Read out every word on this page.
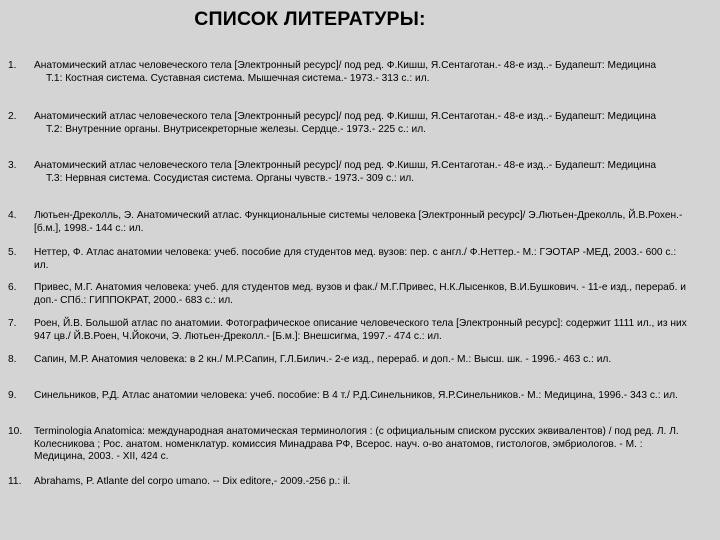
СПИСОК ЛИТЕРАТУРЫ:
1. Анатомический атлас человеческого тела [Электронный ресурс]/ под ред. Ф.Кишш, Я.Сентаготан.- 48-е изд..- Будапешт: Медицина
Т.1: Костная система. Суставная система. Мышечная система.- 1973.- 313 с.: ил.
2. Анатомический атлас человеческого тела [Электронный ресурс]/ под ред. Ф.Кишш, Я.Сентаготан.- 48-е изд..- Будапешт: Медицина
Т.2: Внутренние органы. Внутрисекреторные железы. Сердце.- 1973.- 225 с.: ил.
3. Анатомический атлас человеческого тела [Электронный ресурс]/ под ред. Ф.Кишш, Я.Сентаготан.- 48-е изд..- Будапешт: Медицина
Т.3: Нервная система. Сосудистая система. Органы чувств.- 1973.- 309 с.: ил.
4. Лютьен-Дреколль, Э. Анатомический атлас. Функциональные системы человека [Электронный ресурс]/ Э.Лютьен-Дреколль, Й.В.Рохен.- [б.м.], 1998.- 144 с.: ил.
5. Неттер, Ф. Атлас анатомии человека: учеб. пособие для студентов мед. вузов: пер. с англ./ Ф.Неттер.- М.: ГЭОТАР -МЕД, 2003.- 600 с.: ил.
6. Привес, М.Г. Анатомия человека: учеб. для студентов мед. вузов и фак./ М.Г.Привес, Н.К.Лысенков, В.И.Бушкович. - 11-е изд., перераб. и доп.- СПб.: ГИППОКРАТ, 2000.- 683 с.: ил.
7. Роен, Й.В. Большой атлас по анатомии. Фотографическое описание человеческого тела [Электронный ресурс]: содержит 1111 ил., из них 947 цв./ Й.В.Роен, Ч.Йокочи, Э. Лютьен-Дреколл.- [Б.м.]: Внешсигма, 1997.- 474 с.: ил.
8. Сапин, М.Р. Анатомия человека: в 2 кн./ М.Р.Сапин, Г.Л.Билич.- 2-е изд., перераб. и доп.- М.: Высш. шк. - 1996.- 463 с.: ил.
9. Синельников, Р.Д. Атлас анатомии человека: учеб. пособие: В 4 т./ Р.Д.Синельников, Я.Р.Синельников.- М.: Медицина, 1996.- 343 с.: ил.
10. Terminologia Anatomica: международная анатомическая терминология : (с официальным списком русских эквивалентов) / под ред. Л. Л. Колесникова ; Рос. анатом. номенклатур. комиссия Минадрава РФ, Всерос. науч. о-во анатомов, гистологов, эмбриологов. - М. : Медицина, 2003. - XII, 424 с.
11. Abrahams, P. Atlante del corpo umano. -- Dix editore,- 2009.-256 p.: il.
